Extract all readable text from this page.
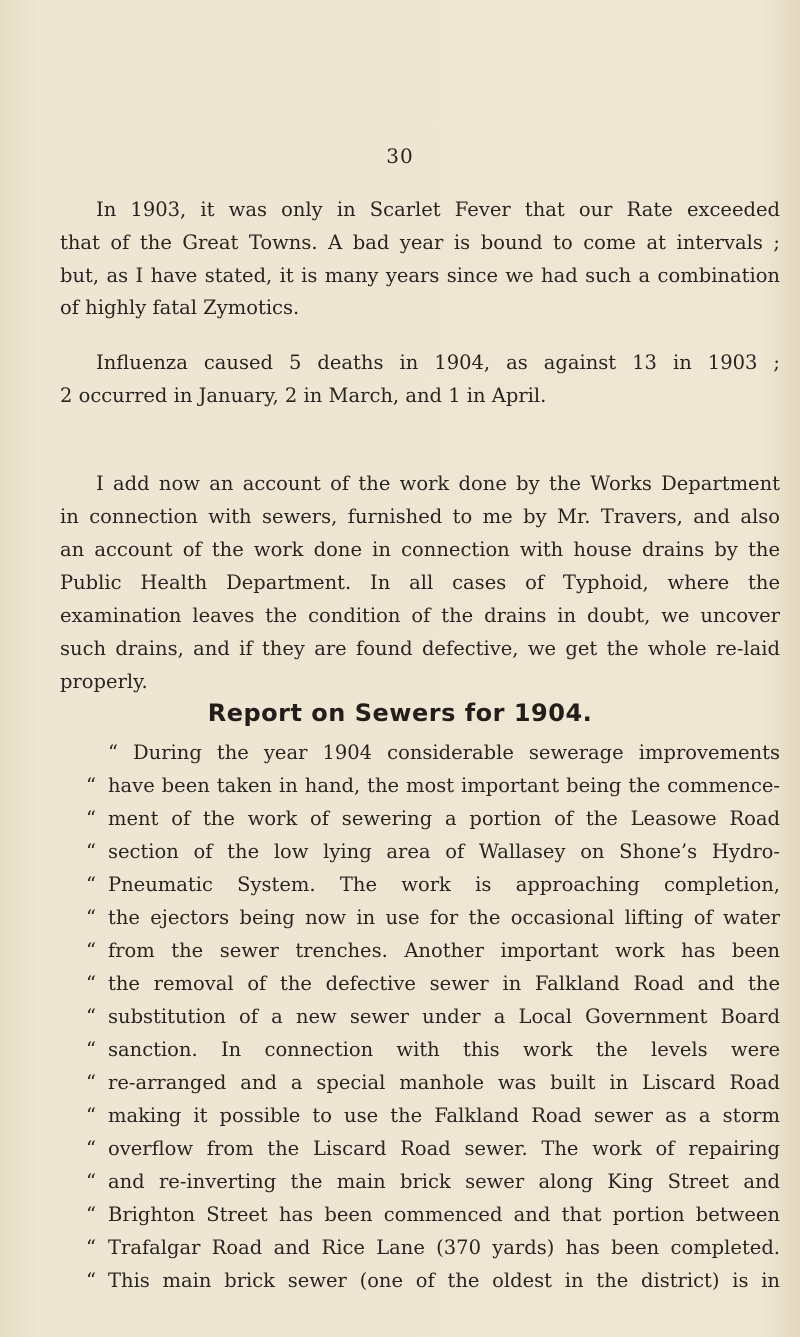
30
In 1903, it was only in Scarlet Fever that our Rate exceeded
that of the Great Towns. A bad year is bound to come at intervals ;
but, as I have stated, it is many years since we had such a combination
of highly fatal Zymotics.
Influenza caused 5 deaths in 1904, as against 13 in 1903 ;
2 occurred in January, 2 in March, and 1 in April.
I add now an account of the work done by the Works Department
in connection with sewers, furnished to me by Mr. Travers, and also
an account of the work done in connection with house drains by the
Public Health Department. In all cases of Typhoid, where the
examination leaves the condition of the drains in doubt, we uncover
such drains, and if they are found defective, we get the whole re-laid
properly.
Report on Sewers for 1904.
“ During the year 1904 considerable sewerage improvements
“ have been taken in hand, the most important being the commence-
“ ment of the work of sewering a portion of the Leasowe Road
“ section of the low lying area of Wallasey on Shone’s Hydro-
“ Pneumatic System. The work is approaching completion,
“ the ejectors being now in use for the occasional lifting of water
“ from the sewer trenches. Another important work has been
“ the removal of the defective sewer in Falkland Road and the
“ substitution of a new sewer under a Local Government Board
“ sanction. In connection with this work the levels were
“ re-arranged and a special manhole was built in Liscard Road
“ making it possible to use the Falkland Road sewer as a storm
“ overflow from the Liscard Road sewer. The work of repairing
“ and re-inverting the main brick sewer along King Street and
“ Brighton Street has been commenced and that portion between
“ Trafalgar Road and Rice Lane (370 yards) has been completed.
“ This main brick sewer (one of the oldest in the district) is in
